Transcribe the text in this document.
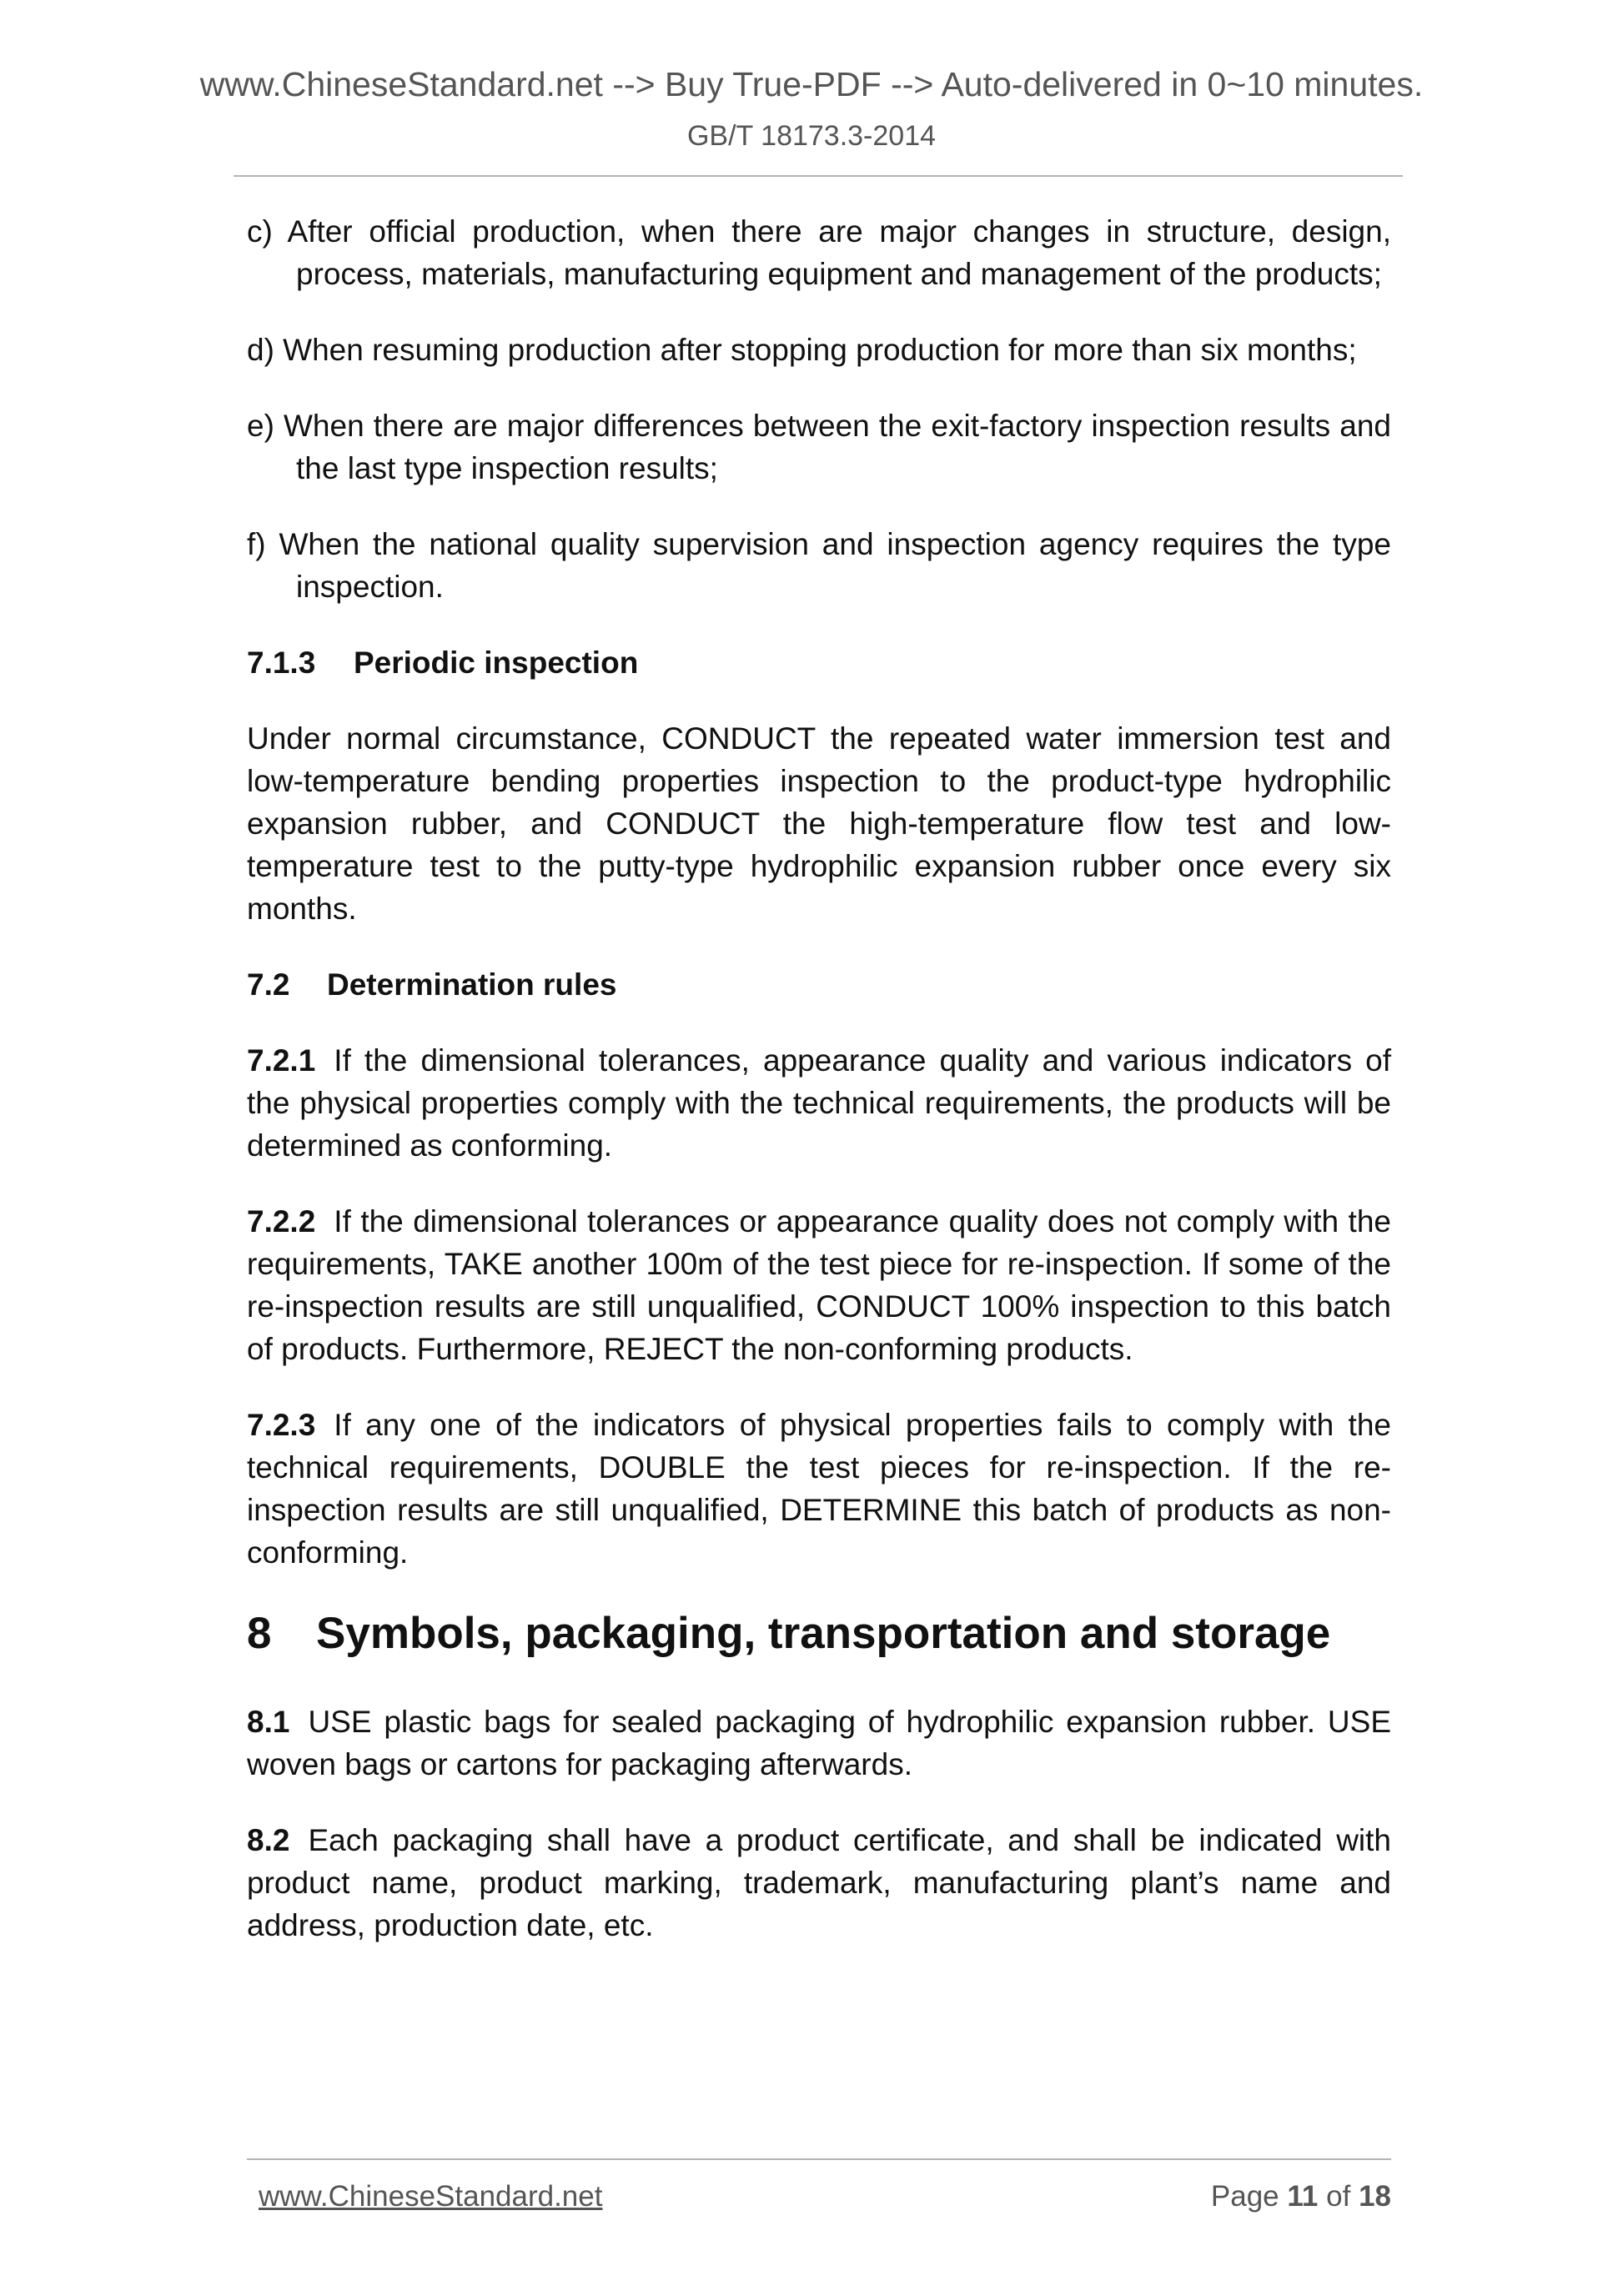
www.ChineseStandard.net --> Buy True-PDF --> Auto-delivered in 0~10 minutes.
GB/T 18173.3-2014

c) After official production, when there are major changes in structure, design, process, materials, manufacturing equipment and management of the products;

d) When resuming production after stopping production for more than six months;

e) When there are major differences between the exit-factory inspection results and the last type inspection results;

f) When the national quality supervision and inspection agency requires the type inspection.

7.1.3 Periodic inspection

Under normal circumstance, CONDUCT the repeated water immersion test and low-temperature bending properties inspection to the product-type hydrophilic expansion rubber, and CONDUCT the high-temperature flow test and low-temperature test to the putty-type hydrophilic expansion rubber once every six months.

7.2 Determination rules

7.2.1 If the dimensional tolerances, appearance quality and various indicators of the physical properties comply with the technical requirements, the products will be determined as conforming.

7.2.2 If the dimensional tolerances or appearance quality does not comply with the requirements, TAKE another 100m of the test piece for re-inspection. If some of the re-inspection results are still unqualified, CONDUCT 100% inspection to this batch of products. Furthermore, REJECT the non-conforming products.

7.2.3 If any one of the indicators of physical properties fails to comply with the technical requirements, DOUBLE the test pieces for re-inspection. If the re-inspection results are still unqualified, DETERMINE this batch of products as non-conforming.

8 Symbols, packaging, transportation and storage

8.1 USE plastic bags for sealed packaging of hydrophilic expansion rubber. USE woven bags or cartons for packaging afterwards.

8.2 Each packaging shall have a product certificate, and shall be indicated with product name, product marking, trademark, manufacturing plant’s name and address, production date, etc.

www.ChineseStandard.net	Page 11 of 18
